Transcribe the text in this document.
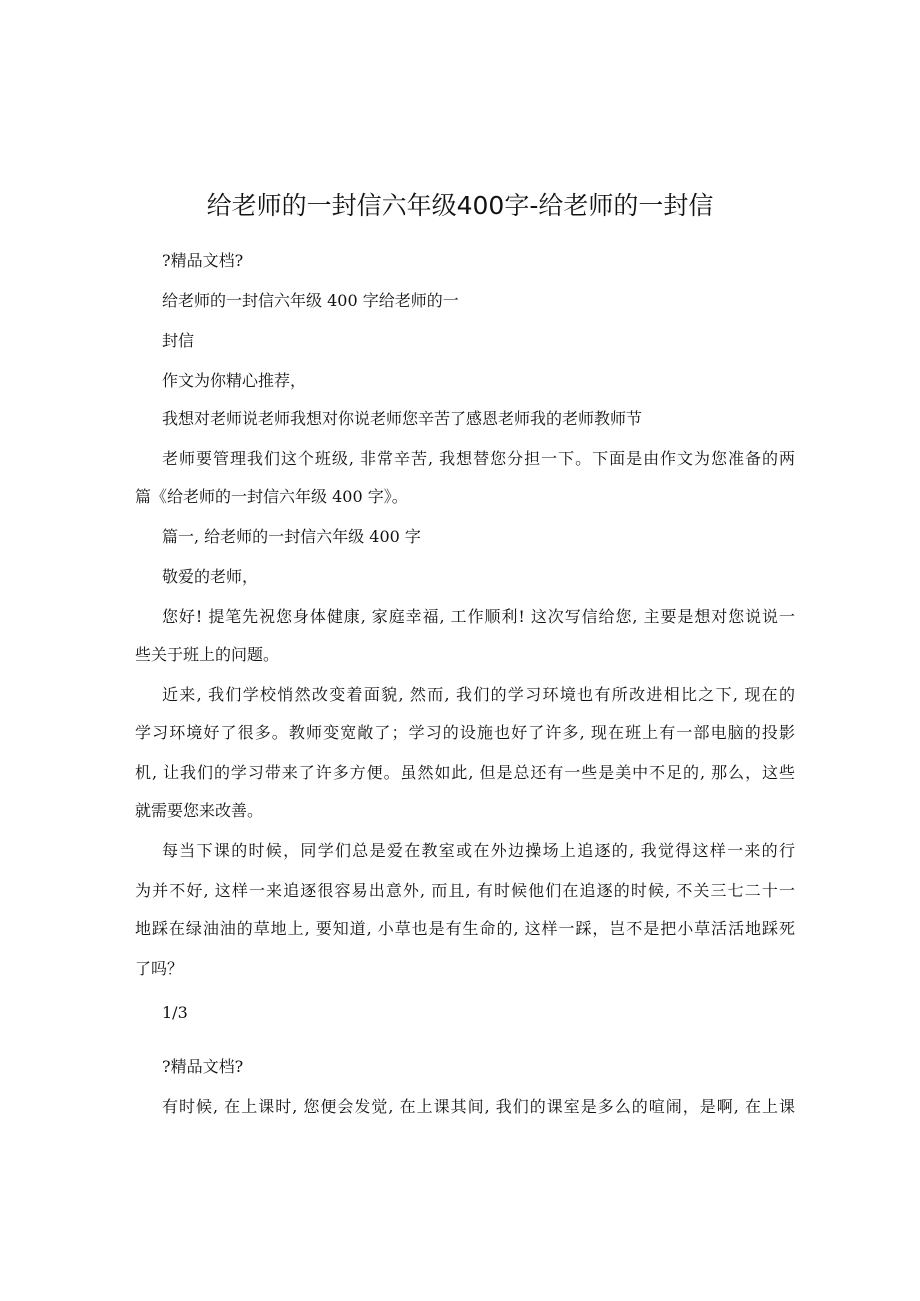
给老师的一封信六年级400字-给老师的一封信
?精品文档?
给老师的一封信六年级 400 字给老师的一
封信
作文为你精心推荐，
我想对老师说老师我想对你说老师您辛苦了感恩老师我的老师教师节
老师要管理我们这个班级, 非常辛苦, 我想替您分担一下。下面是由作文为您准备的两
篇《给老师的一封信六年级 400 字》。
篇一, 给老师的一封信六年级 400 字
敬爱的老师，
您好! 提笔先祝您身体健康, 家庭幸福, 工作顺利! 这次写信给您, 主要是想对您说说一
些关于班上的问题。
近来, 我们学校悄然改变着面貌, 然而, 我们的学习环境也有所改进相比之下, 现在的
学习环境好了很多。教师变宽敞了；学习的设施也好了许多, 现在班上有一部电脑的投影
机, 让我们的学习带来了许多方便。虽然如此, 但是总还有一些是美中不足的, 那么，这些
就需要您来改善。
每当下课的时候，同学们总是爱在教室或在外边操场上追逐的, 我觉得这样一来的行
为并不好, 这样一来追逐很容易出意外, 而且, 有时候他们在追逐的时候, 不关三七二十一
地踩在绿油油的草地上, 要知道, 小草也是有生命的, 这样一踩，岂不是把小草活活地踩死
了吗？
1/3
?精品文档?
有时候, 在上课时, 您便会发觉, 在上课其间, 我们的课室是多么的喧闹，是啊, 在上课
